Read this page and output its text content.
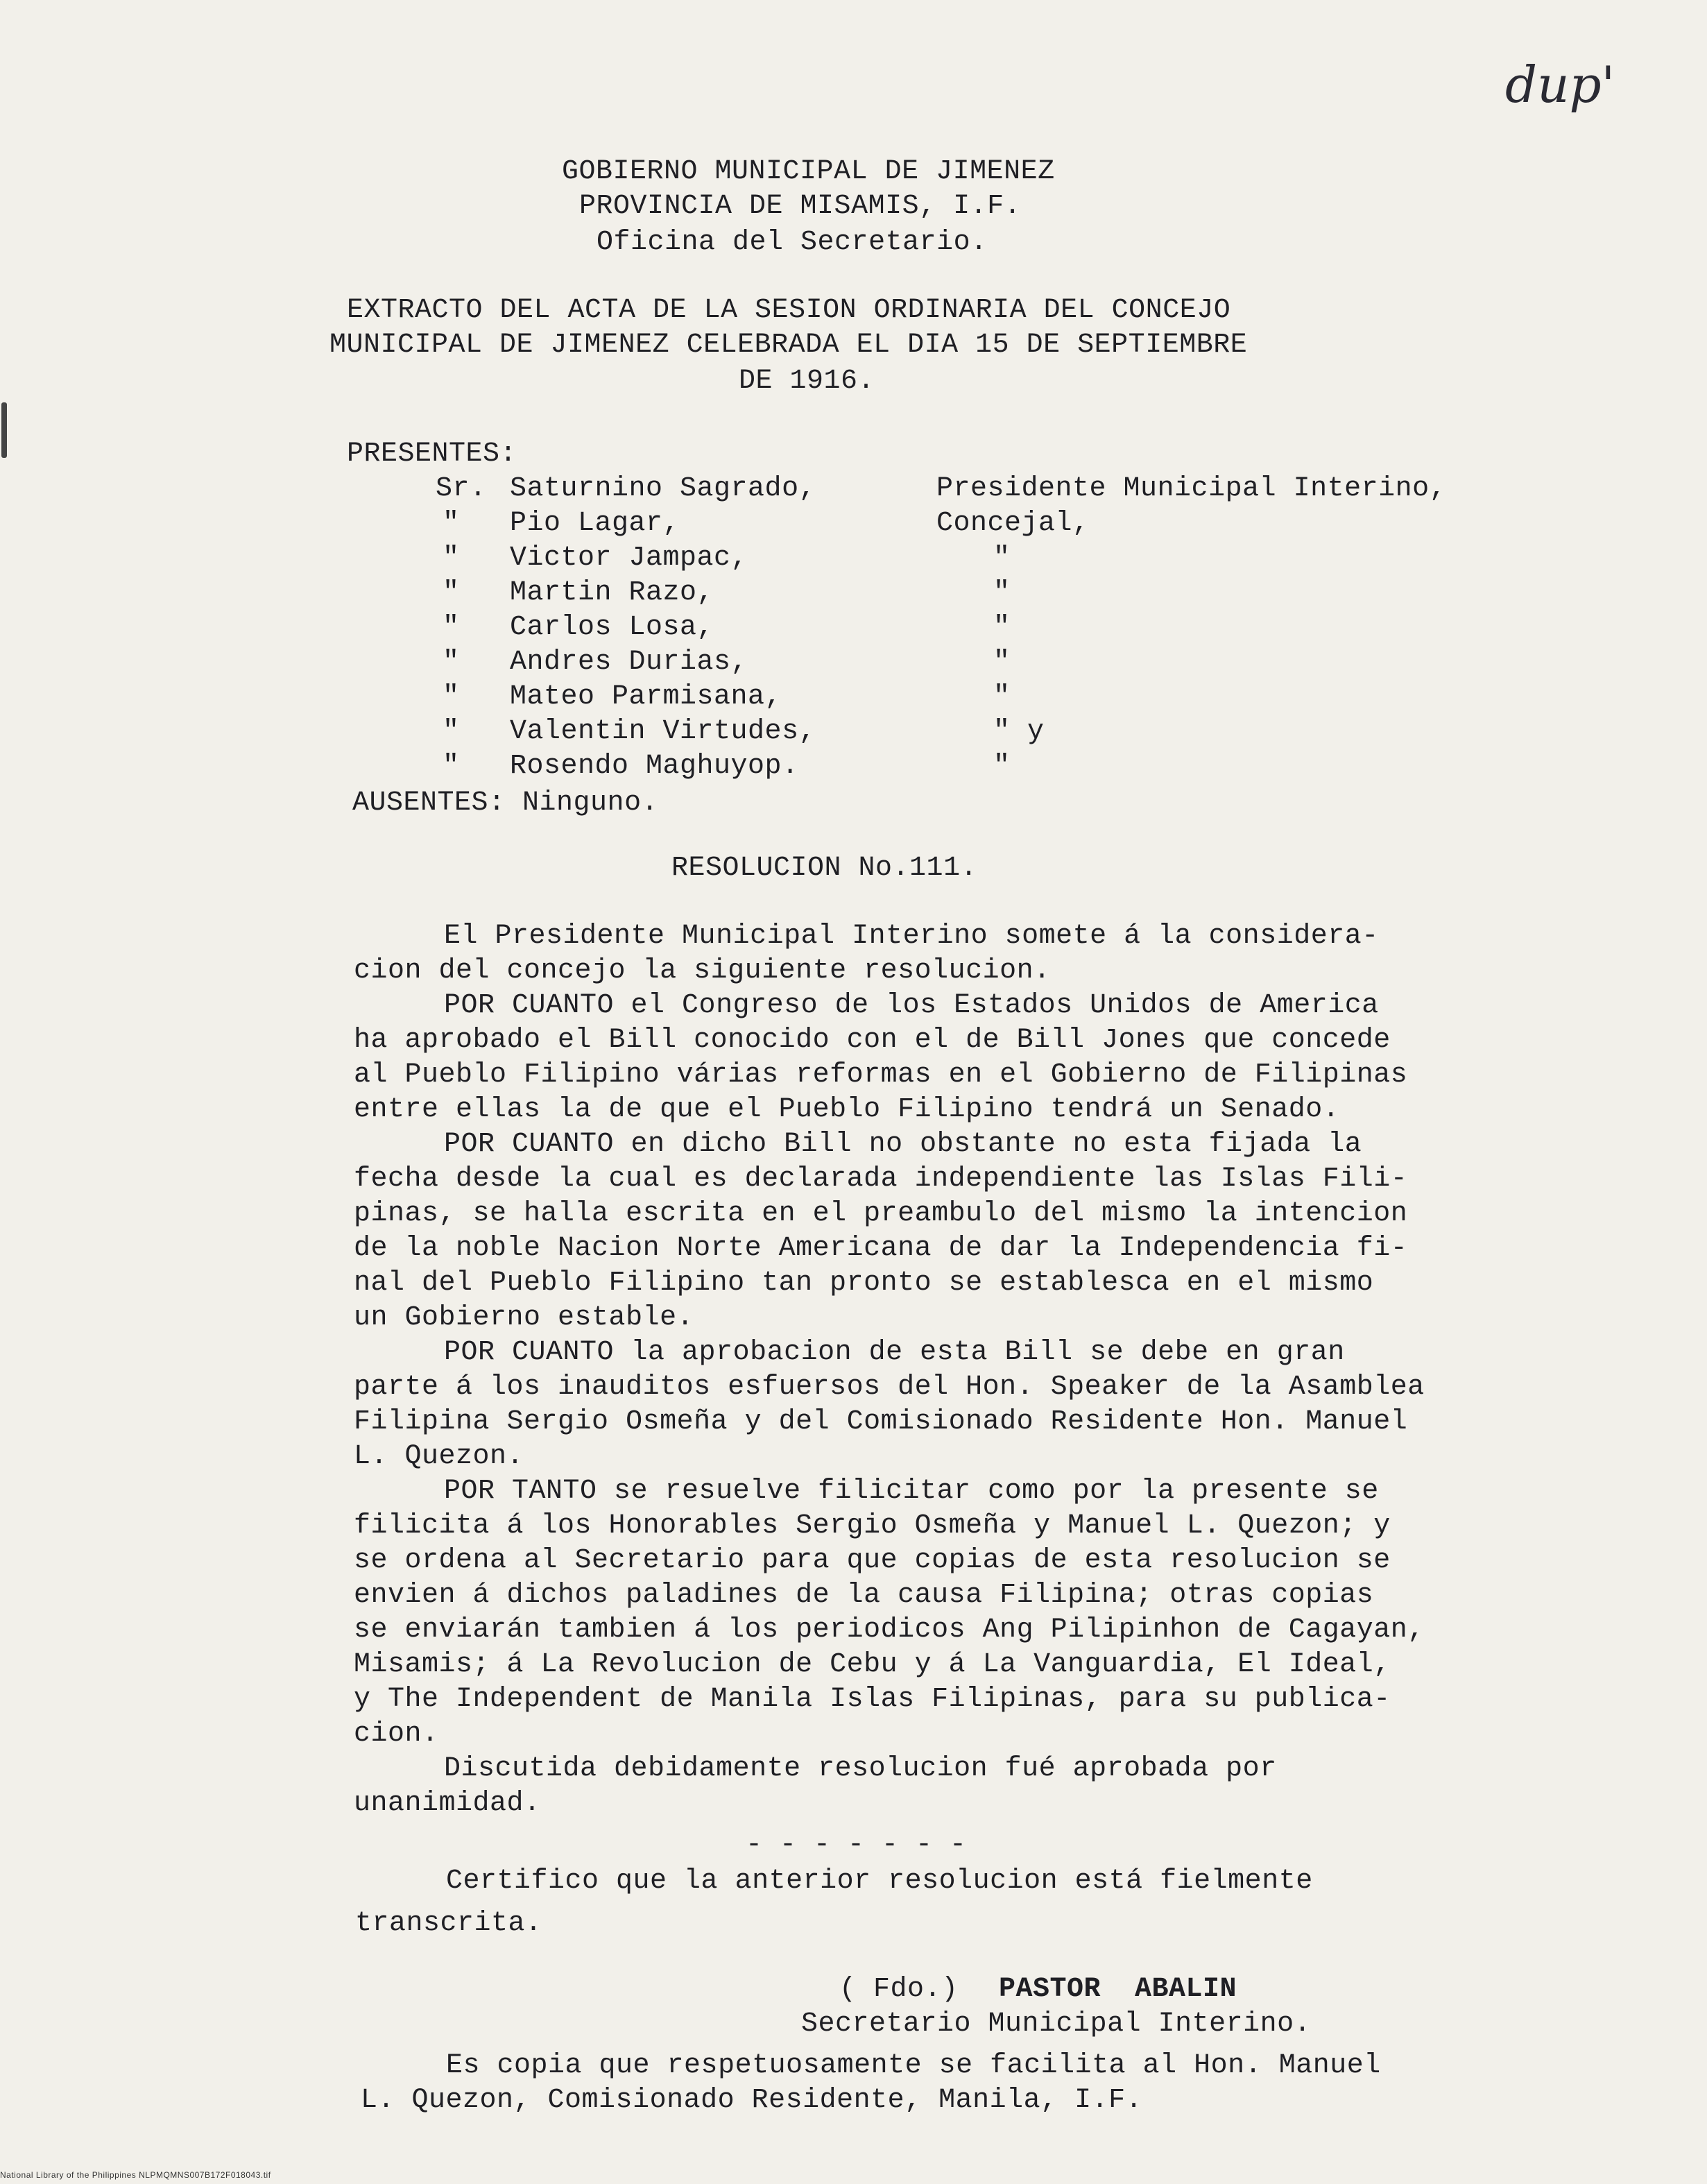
dup'
GOBIERNO MUNICIPAL DE JIMENEZ
PROVINCIA DE MISAMIS, I.F.
Oficina del Secretario.
EXTRACTO DEL ACTA DE LA SESION ORDINARIA DEL CONCEJO
MUNICIPAL DE JIMENEZ CELEBRADA EL DIA 15 DE SEPTIEMBRE
DE 1916.
PRESENTES:
Sr. Saturnino Sagrado,	Presidente Municipal Interino,
" Pio Lagar,	Concejal,
" Victor Jampac,	"
" Martin Razo,	"
" Carlos Losa,	"
" Andres Durias,	"
" Mateo Parmisana,	"
" Valentin Virtudes,	" y
" Rosendo Maghuyop.	"
AUSENTES: Ninguno.
RESOLUCION No.111.
El Presidente Municipal Interino somete á la considera-
cion del concejo la siguiente resolucion.
POR CUANTO el Congreso de los Estados Unidos de America
ha aprobado el Bill conocido con el de Bill Jones que concede
al Pueblo Filipino várias reformas en el Gobierno de Filipinas
entre ellas la de que el Pueblo Filipino tendrá un Senado.
POR CUANTO en dicho Bill no obstante no esta fijada la
fecha desde la cual es declarada independiente las Islas Fili-
pinas, se halla escrita en el preambulo del mismo la intencion
de la noble Nacion Norte Americana de dar la Independencia fi-
nal del Pueblo Filipino tan pronto se establesca en el mismo
un Gobierno estable.
POR CUANTO la aprobacion de esta Bill se debe en gran
parte á los inauditos esfuersos del Hon. Speaker de la Asamblea
Filipina Sergio Osmeña y del Comisionado Residente Hon. Manuel
L. Quezon.
POR TANTO se resuelve filicitar como por la presente se
filicita á los Honorables Sergio Osmeña y Manuel L. Quezon; y
se ordena al Secretario para que copias de esta resolucion se
envien á dichos paladines de la causa Filipina; otras copias
se enviarán tambien á los periodicos Ang Pilipinhon de Cagayan,
Misamis; á La Revolucion de Cebu y á La Vanguardia, El Ideal,
y The Independent de Manila Islas Filipinas, para su publica-
cion.
Discutida debidamente resolucion fué aprobada por
unanimidad.
- - - - - - -
Certifico que la anterior resolucion está fielmente
transcrita.
( Fdo.) PASTOR  ABALIN
Secretario Municipal Interino.
Es copia que respetuosamente se facilita al Hon. Manuel
L. Quezon, Comisionado Residente, Manila, I.F.
National Library of the Philippines NLPMQMNS007B172F018043.tif
